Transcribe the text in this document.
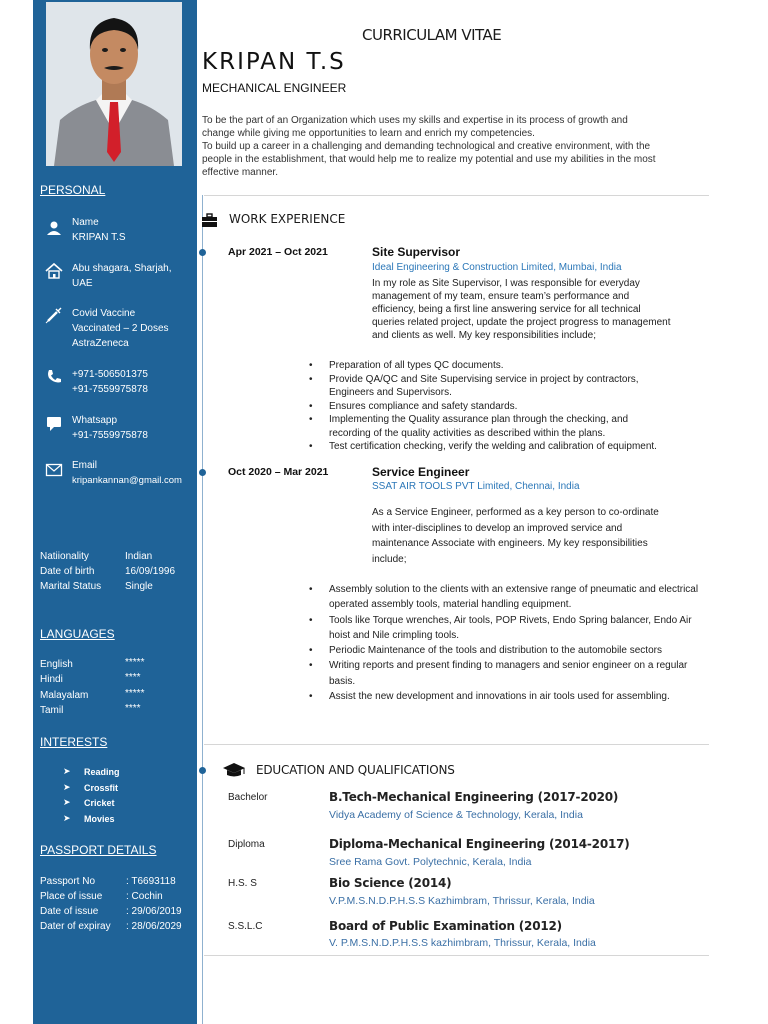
PERSONAL
Name
KRIPAN T.S
Abu shagara, Sharjah,
UAE
Covid Vaccine
Vaccinated – 2 Doses
AstraZeneca
+971-506501375
+91-7559975878
Whatsapp
+91-7559975878
Email
kripankannan@gmail.com
Natiionality	Indian
Date of birth	16/09/1996
Marital Status Single
LANGUAGES
English	*****
Hindi	****
Malayalam	*****
Tamil	****
INTERESTS
➤ Reading
➤ Crossfit
➤ Cricket
➤ Movies
PASSPORT DETAILS
Passport No	: T6693118
Place of issue : Cochin
Date of issue	: 29/06/2019
Dater of expiray : 28/06/2029
CURRICULAM VITAE
KRIPAN T.S
MECHANICAL ENGINEER
To be the part of an Organization which uses my skills and expertise in its process of growth and
change while giving me opportunities to learn and enrich my competencies.
To build up a career in a challenging and demanding technological and creative environment, with the
people in the establishment, that would help me to realize my potential and use my abilities in the most
effective manner.
WORK EXPERIENCE
Apr 2021 – Oct 2021	Site Supervisor
Ideal Engineering & Construction Limited, Mumbai, India
In my role as Site Supervisor, I was responsible for everyday
management of my team, ensure team’s performance and
efficiency, being a first line answering service for all technical
queries related project, update the project progress to management
and clients as well. My key responsibilities include;
• Preparation of all types QC documents.
• Provide QA/QC and Site Supervising service in project by contractors, Engineers and Supervisors.
• Ensures compliance and safety standards.
• Implementing the Quality assurance plan through the checking, and recording of the quality activities as described within the plans.
• Test certification checking, verify the welding and calibration of equipment.
Oct 2020 – Mar 2021	Service Engineer
SSAT AIR TOOLS PVT Limited, Chennai, India
As a Service Engineer, performed as a key person to co-ordinate
with inter-disciplines to develop an improved service and
maintenance Associate with engineers. My key responsibilities
include;
• Assembly solution to the clients with an extensive range of pneumatic and electrical operated assembly tools, material handling equipment.
• Tools like Torque wrenches, Air tools, POP Rivets, Endo Spring balancer, Endo Air hoist and Nile crimpling tools.
• Periodic Maintenance of the tools and distribution to the automobile sectors
• Writing reports and present finding to managers and senior engineer on a regular basis.
• Assist the new development and innovations in air tools used for assembling.
EDUCATION AND QUALIFICATIONS
Bachelor	B.Tech-Mechanical Engineering (2017-2020)
Vidya Academy of Science & Technology, Kerala, India
Diploma	Diploma-Mechanical Engineering (2014-2017)
Sree Rama Govt. Polytechnic, Kerala, India
H.S. S	Bio Science (2014)
V.P.M.S.N.D.P.H.S.S Kazhimbram, Thrissur, Kerala, India
S.S.L.C	Board of Public Examination (2012)
V. P.M.S.N.D.P.H.S.S kazhimbram, Thrissur, Kerala, India
